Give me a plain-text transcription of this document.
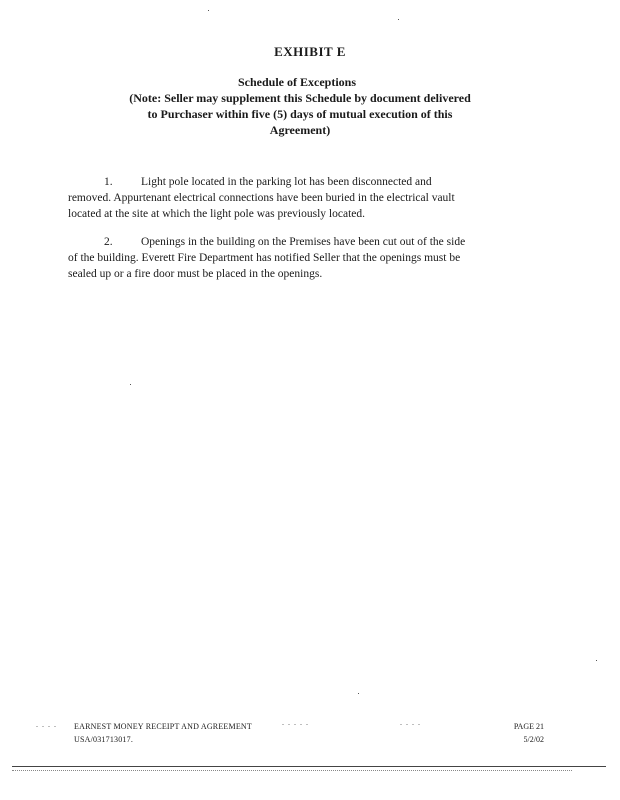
EXHIBIT E
Schedule of Exceptions
(Note: Seller may supplement this Schedule by document delivered
to Purchaser within five (5) days of mutual execution of this
Agreement)
1. Light pole located in the parking lot has been disconnected and
removed. Appurtenant electrical connections have been buried in the electrical vault
located at the site at which the light pole was previously located.
2. Openings in the building on the Premises have been cut out of the side
of the building. Everett Fire Department has notified Seller that the openings must be
sealed up or a fire door must be placed in the openings.
EARNEST MONEY RECEIPT AND AGREEMENT
USA/031713017.
PAGE 21
5/2/02
. . . .	. . . . .	. . . .
